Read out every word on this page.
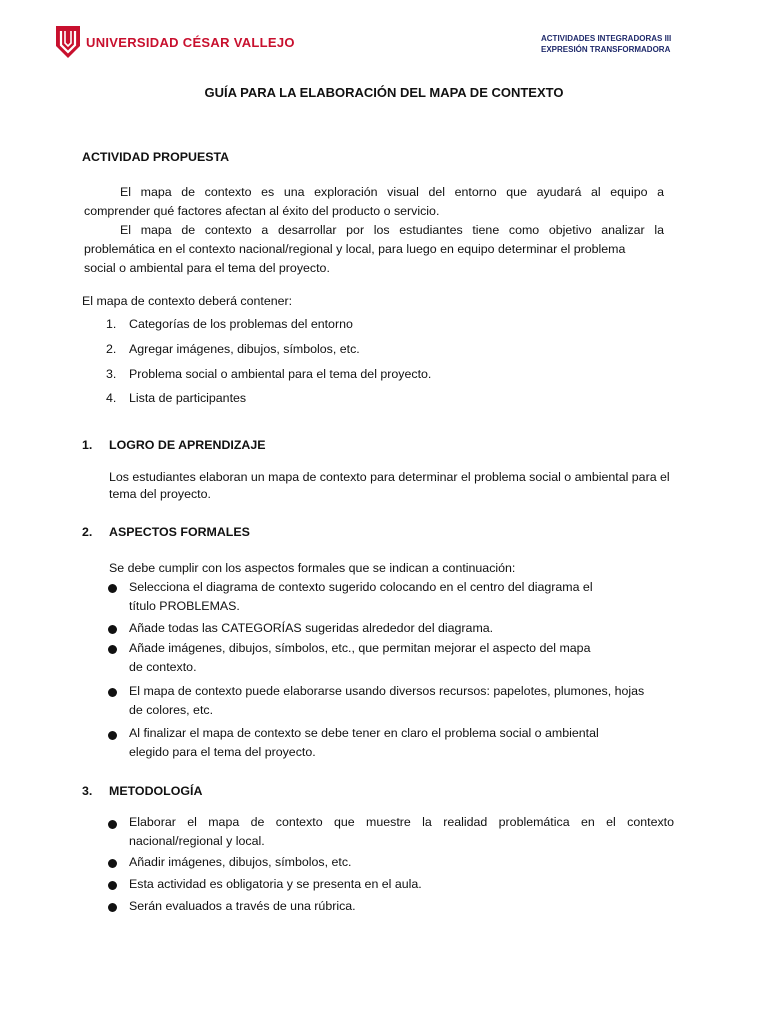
UNIVERSIDAD CÉSAR VALLEJO	ACTIVIDADES INTEGRADORAS III
EXPRESIÓN TRANSFORMADORA
GUÍA PARA LA ELABORACIÓN DEL MAPA DE CONTEXTO
ACTIVIDAD PROPUESTA
El mapa de contexto es una exploración visual del entorno que ayudará al equipo a
comprender qué factores afectan al éxito del producto o servicio.
El mapa de contexto a desarrollar por los estudiantes tiene como objetivo analizar la
problemática en el contexto nacional/regional y local, para luego en equipo determinar el problema
social o ambiental para el tema del proyecto.
El mapa de contexto deberá contener:
1. Categorías de los problemas del entorno
2. Agregar imágenes, dibujos, símbolos, etc.
3. Problema social o ambiental para el tema del proyecto.
4. Lista de participantes
1. LOGRO DE APRENDIZAJE
Los estudiantes elaboran un mapa de contexto para determinar el problema social o ambiental para el
tema del proyecto.
2. ASPECTOS FORMALES
Se debe cumplir con los aspectos formales que se indican a continuación:
Selecciona el diagrama de contexto sugerido colocando en el centro del diagrama el
título PROBLEMAS.
Añade todas las CATEGORÍAS sugeridas alrededor del diagrama.
Añade imágenes, dibujos, símbolos, etc., que permitan mejorar el aspecto del mapa
de contexto.
El mapa de contexto puede elaborarse usando diversos recursos: papelotes, plumones, hojas
de colores, etc.
Al finalizar el mapa de contexto se debe tener en claro el problema social o ambiental
elegido para el tema del proyecto.
3. METODOLOGÍA
Elaborar el mapa de contexto que muestre la realidad problemática en el contexto
nacional/regional y local.
Añadir imágenes, dibujos, símbolos, etc.
Esta actividad es obligatoria y se presenta en el aula.
Serán evaluados a través de una rúbrica.
